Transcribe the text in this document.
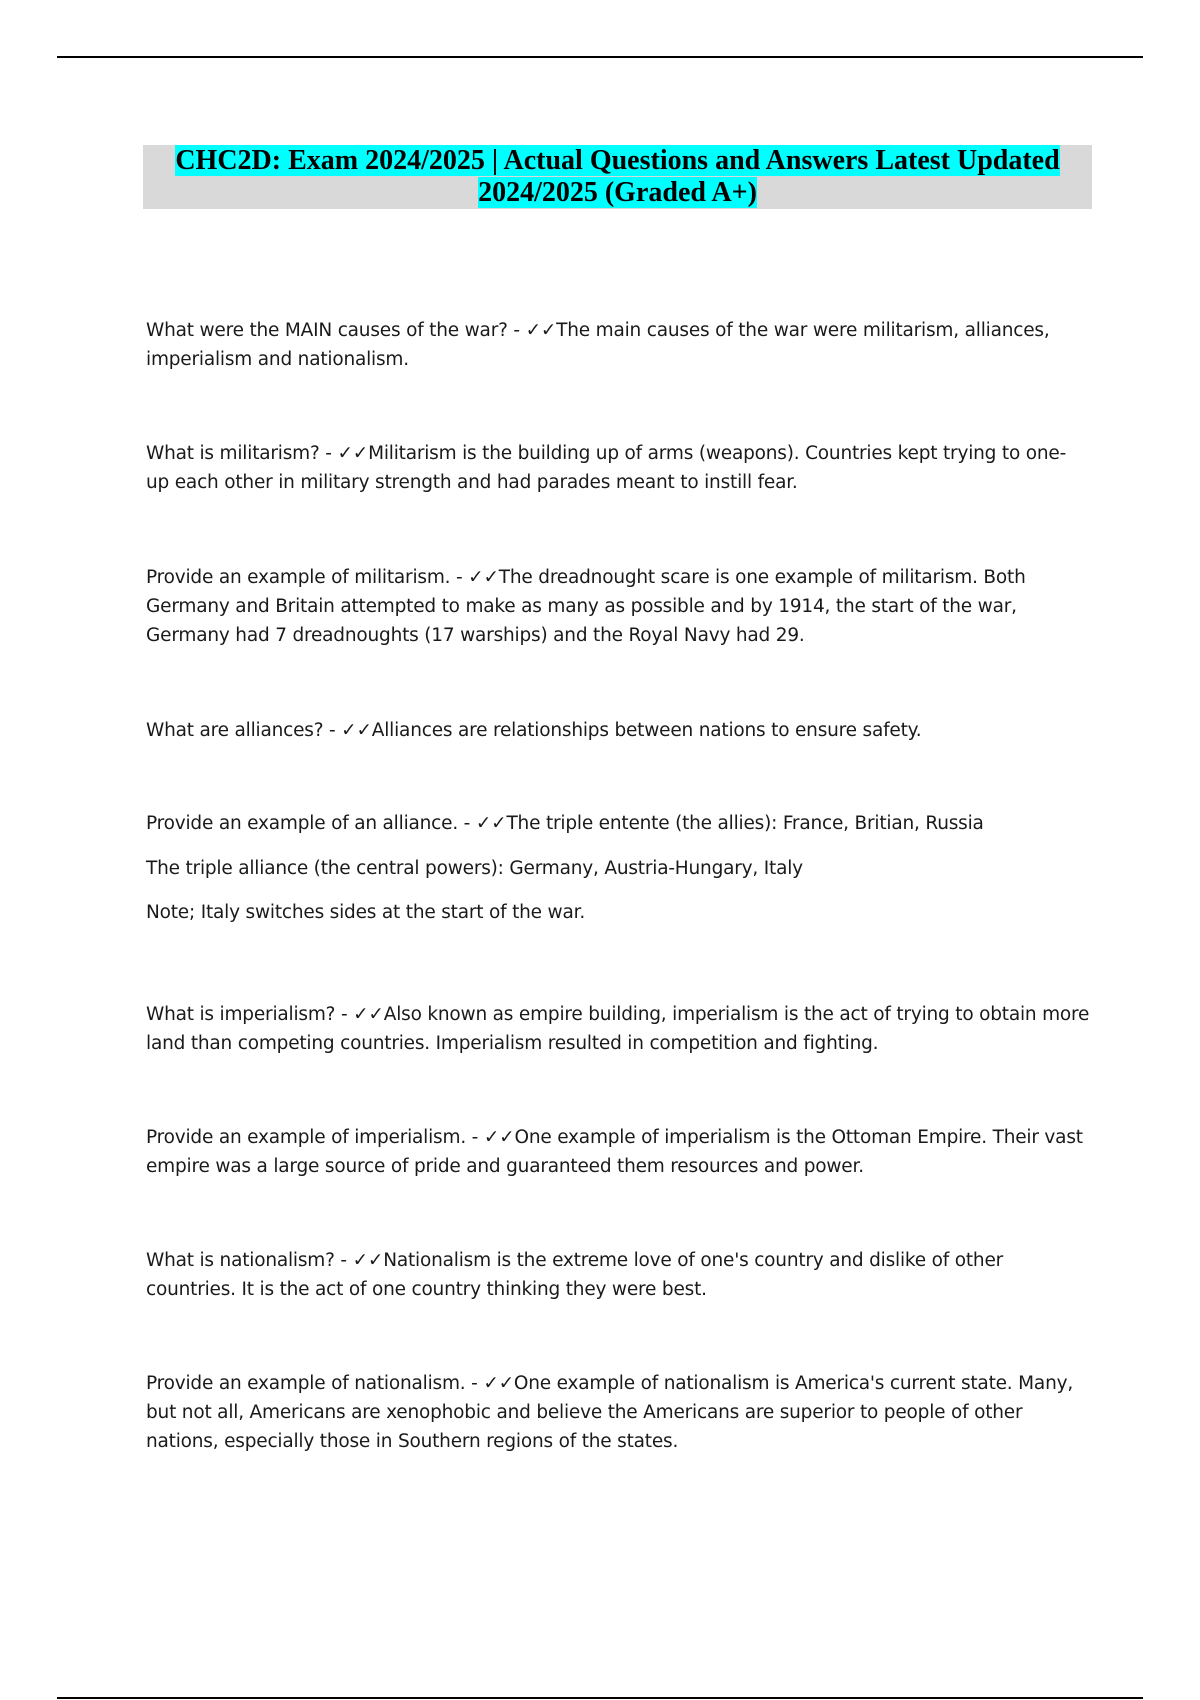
CHC2D: Exam 2024/2025 | Actual Questions and Answers Latest Updated
2024/2025 (Graded A+)

What were the MAIN causes of the war? - ✓✓The main causes of the war were militarism, alliances, imperialism and nationalism.

What is militarism? - ✓✓Militarism is the building up of arms (weapons). Countries kept trying to one-up each other in military strength and had parades meant to instill fear.

Provide an example of militarism. - ✓✓The dreadnought scare is one example of militarism. Both Germany and Britain attempted to make as many as possible and by 1914, the start of the war, Germany had 7 dreadnoughts (17 warships) and the Royal Navy had 29.

What are alliances? - ✓✓Alliances are relationships between nations to ensure safety.

Provide an example of an alliance. - ✓✓The triple entente (the allies): France, Britian, Russia

The triple alliance (the central powers): Germany, Austria-Hungary, Italy

Note; Italy switches sides at the start of the war.

What is imperialism? - ✓✓Also known as empire building, imperialism is the act of trying to obtain more land than competing countries. Imperialism resulted in competition and fighting.

Provide an example of imperialism. - ✓✓One example of imperialism is the Ottoman Empire. Their vast empire was a large source of pride and guaranteed them resources and power.

What is nationalism? - ✓✓Nationalism is the extreme love of one's country and dislike of other countries. It is the act of one country thinking they were best.

Provide an example of nationalism. - ✓✓One example of nationalism is America's current state. Many, but not all, Americans are xenophobic and believe the Americans are superior to people of other nations, especially those in Southern regions of the states.
